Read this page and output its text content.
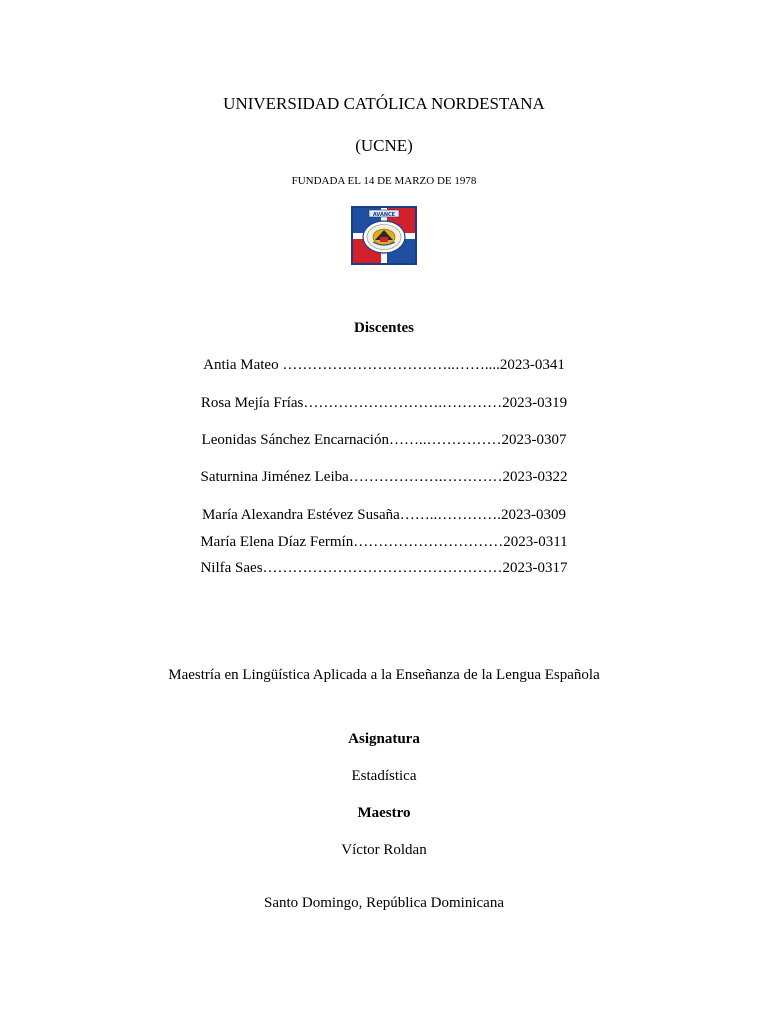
UNIVERSIDAD CATÓLICA NORDESTANA
(UCNE)
FUNDADA EL 14 DE MARZO DE 1978
AVANCE
Discentes
Antia Mateo ……………………………..……....2023-0341
Rosa Mejía Frías……………………….…………2023-0319
Leonidas Sánchez Encarnación……..……………2023-0307
Saturnina Jiménez Leiba……………….…………2023-0322
María Alexandra Estévez Susaña……..………….2023-0309
María Elena Díaz Fermín…………………………2023-0311
Nilfa Saes…………………………………………2023-0317
Maestría en Lingüística Aplicada a la Enseñanza de la Lengua Española
Asignatura
Estadística
Maestro
Víctor Roldan
Santo Domingo, República Dominicana
